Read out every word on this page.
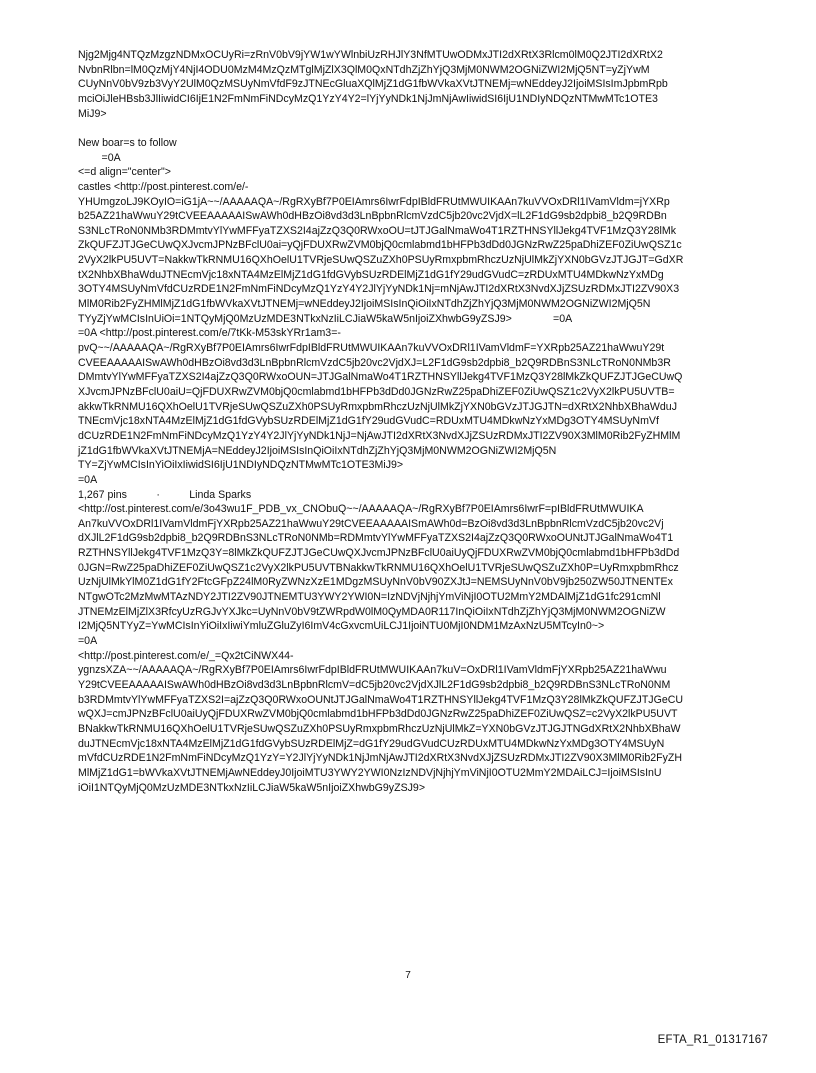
Njg2Mjg4NTQzMzgzNDMxOCUyRi=zRnV0bV9jYW1wYWlnbiUzRHJlY3NfMTUwODMxJTI2dXRtX3Rlcm0lM0Q2JTI2dXRtX2
NvbnRlbn=lM0QzMjY4NjI4ODU0MzM4MzQzMTglMjZlX3QlM0QxNTdhZjZhYjQ3MjM0NWM2OGNiZWI2MjQ5NT=yZjYwM
CUyNnV0bV9zb3VyY2UlM0QzMSUyNmVfdF9zJTNEcGluaXQlMjZ1dG1fbWVkaXVtJTNEMj=wNEddeyJ2IjoiMSIsImJpbmRpb
mciOiJleHBsb3JlIiwidCI6IjE1N2FmNmFiNDcyMzQ1YzY4Y2=lYjYyNDk1NjJmNjAwIiwidSI6IjU1NDIyNDQzNTMwMTc1OTE3
MiJ9>
New boar=s to follow
=0A
<=d align="center">
castles <http://post.pinterest.com/e/-
YHUmgzoLJ9KOyIO=iG1jA~~/AAAAAQA~/RgRXyBf7P0EIAmrs6IwrFdpIBldFRUtMWUIKAAn7kuVVOxDRl1IVamVldm=jYXRp
b25AZ21haWwuY29tCVEEAAAAAISwAWh0dHBzOi8vd3d3LnBpbnRlcmVzdC5jb20vc2VjdX=lL2F1dG9sb2dpbi8_b2Q9RDBn
S3NLcTRoN0NMb3RDMmtvYlYwMFFyaTZXS2I4ajZzQ3Q0RWxoOU=tJTJGalNmaWo4T1RZTHNSYllJekg4TVF1MzQ3Y28lMk
ZkQUFZJTJGeCUwQXJvcmJPNzBFclU0ai=yQjFDUXRwZVM0bjQ0cmlabmd1bHFPb3dDd0JGNzRwZ25paDhiZEF0ZiUwQSZ1c
2VyX2lkPU5UVT=NakkwTkRNMU16QXhOelU1TVRjeSUwQSZuZXh0PSUyRmxpbmRhczUzNjUlMkZjYXN0bGVzJTJGJT=GdXR
tX2NhbXBhaWduJTNEcmVjc18xNTA4MzElMjZ1dG1fdGVybSUzRDElMjZ1dG1fY29udGVudC=zRDUxMTU4MDkwNzYxMDg
3OTY4MSUyNmVfdCUzRDE1N2FmNmFiNDcyMzQ1YzY4Y2JlYjYyNDk1Nj=mNjAwJTI2dXRtX3NvdXJjZSUzRDMxJTI2ZV90X3
MlM0Rib2FyZHMlMjZ1dG1fbWVkaXVtJTNEMj=wNEddeyJ2IjoiMSIsInQiOiIxNTdhZjZhYjQ3MjM0NWM2OGNiZWI2MjQ5N
TYyZjYwMCIsInUiOi=1NTQyMjQ0MzUzMDE3NTkxNzIiLCJiaW5kaW5nIjoiZXhwbG9yZSJ9>              =0A
=0A <http://post.pinterest.com/e/7tKk-M53skYRr1am3=-
pvQ~~/AAAAAQA~/RgRXyBf7P0EIAmrs6IwrFdpIBldFRUtMWUIKAAn7kuVVOxDRl1IVamVldmF=YXRpb25AZ21haWwuY29t
CVEEAAAAAISwAWh0dHBzOi8vd3d3LnBpbnRlcmVzdC5jb20vc2VjdXJ=L2F1dG9sb2dpbi8_b2Q9RDBnS3NLcTRoN0NMb3R
DMmtvYlYwMFFyaTZXS2I4ajZzQ3Q0RWxoOUN=JTJGalNmaWo4T1RZTHNSYllJekg4TVF1MzQ3Y28lMkZkQUFZJTJGeCUwQ
XJvcmJPNzBFclU0aiU=QjFDUXRwZVM0bjQ0cmlabmd1bHFPb3dDd0JGNzRwZ25paDhiZEF0ZiUwQSZ1c2VyX2lkPU5UVTB=
akkwTkRNMU16QXhOelU1TVRjeSUwQSZuZXh0PSUyRmxpbmRhczUzNjUlMkZjYXN0bGVzJTJGJTN=dXRtX2NhbXBhaWduJ
TNEcmVjc18xNTA4MzElMjZ1dG1fdGVybSUzRDElMjZ1dG1fY29udGVudC=RDUxMTU4MDkwNzYxMDg3OTY4MSUyNmVf
dCUzRDE1N2FmNmFiNDcyMzQ1YzY4Y2JlYjYyNDk1NjJ=NjAwJTI2dXRtX3NvdXJjZSUzRDMxJTI2ZV90X3MlM0Rib2FyZHMlM
jZ1dG1fbWVkaXVtJTNEMjA=NEddeyJ2IjoiMSIsInQiOiIxNTdhZjZhYjQ3MjM0NWM2OGNiZWI2MjQ5N
TY=ZjYwMCIsInYiOiIxIiwidSI6IjU1NDIyNDQzNTMwMTc1OTE3MiJ9>
=0A
1,267 pins          ·          Linda Sparks
<http://ost.pinterest.com/e/3o43wu1F_PDB_vx_CNObuQ~~/AAAAAQA~/RgRXyBf7P0EIAmrs6IwrF=pIBldFRUtMWUIKA
An7kuVVOxDRl1IVamVldmFjYXRpb25AZ21haWwuY29tCVEEAAAAAISmAWh0d=BzOi8vd3d3LnBpbnRlcmVzdC5jb20vc2Vj
dXJlL2F1dG9sb2dpbi8_b2Q9RDBnS3NLcTRoN0NMb=RDMmtvYlYwMFFyaTZXS2I4ajZzQ3Q0RWxoOUNtJTJGalNmaWo4T1
RZTHNSYllJekg4TVF1MzQ3Y=8lMkZkQUFZJTJGeCUwQXJvcmJPNzBFclU0aiUyQjFDUXRwZVM0bjQ0cmlabmd1bHFPb3dDd
0JGN=RwZ25paDhiZEF0ZiUwQSZ1c2VyX2lkPU5UVTBNakkwTkRNMU16QXhOelU1TVRjeSUwQSZuZXh0P=UyRmxpbmRhcz
UzNjUlMkYlM0Z1dG1fY2FtcGFpZ24lM0RyZWNzXzE1MDgzMSUyNnV0bV90ZXJtJ=NEMSUyNnV0bV9jb250ZW50JTNENTEx
NTgwOTc2MzMwMTAzNDY2JTI2ZV90JTNEMTU3YWY2YWI0N=IzNDVjNjhjYmViNjI0OTU2MmY2MDAlMjZ1dG1fc291cmNl
JTNEMzElMjZlX3RfcyUzRGJvYXJkc=UyNnV0bV9tZWRpdW0lM0QyMDA0R117InQiOiIxNTdhZjZhYjQ3MjM0NWM2OGNiZW
I2MjQ5NTYyZ=YwMCIsInYiOiIxIiwiYmluZGluZyI6ImV4cGxvcmUiLCJ1IjoiNTU0MjI0NDM1MzAxNzU5MTcyIn0~>
=0A
<http://post.pinterest.com/e/_=Qx2tCiNWX44-
ygnzsXZA~~/AAAAAQA~/RgRXyBf7P0EIAmrs6IwrFdpIBldFRUtMWUIKAAn7kuV=OxDRl1IVamVldmFjYXRpb25AZ21haWwu
Y29tCVEEAAAAAISwAWh0dHBzOi8vd3d3LnBpbnRlcmV=dC5jb20vc2VjdXJlL2F1dG9sb2dpbi8_b2Q9RDBnS3NLcTRoN0NM
b3RDMmtvYlYwMFFyaTZXS2I=ajZzQ3Q0RWxoOUNtJTJGalNmaWo4T1RZTHNSYllJekg4TVF1MzQ3Y28lMkZkQUFZJTJGeCU
wQXJ=cmJPNzBFclU0aiUyQjFDUXRwZVM0bjQ0cmlabmd1bHFPb3dDd0JGNzRwZ25paDhiZEF0ZiUwQSZ=c2VyX2lkPU5UVT
BNakkwTkRNMU16QXhOelU1TVRjeSUwQSZuZXh0PSUyRmxpbmRhczUzNjUlMkZ=YXN0bGVzJTJGJTNGdXRtX2NhbXBhaW
duJTNEcmVjc18xNTA4MzElMjZ1dG1fdGVybSUzRDElMjZ=dG1fY29udGVudCUzRDUxMTU4MDkwNzYxMDg3OTY4MSUyN
mVfdCUzRDE1N2FmNmFiNDcyMzQ1YzY=Y2JlYjYyNDk1NjJmNjAwJTI2dXRtX3NvdXJjZSUzRDMxJTI2ZV90X3MlM0Rib2FyZH
MlMjZ1dG1=bWVkaXVtJTNEMjAwNEddeyJ0IjoiMTU3YWY2YWI0NzIzNDVjNjhjYmViNjI0OTU2MmY2MDAiLCJ=IjoiMSIsInU
iOiI1NTQyMjQ0MzUzMDE3NTkxNzIiLCJiaW5kaW5nIjoiZXhwbG9yZSJ9>
7
EFTA_R1_01317167
